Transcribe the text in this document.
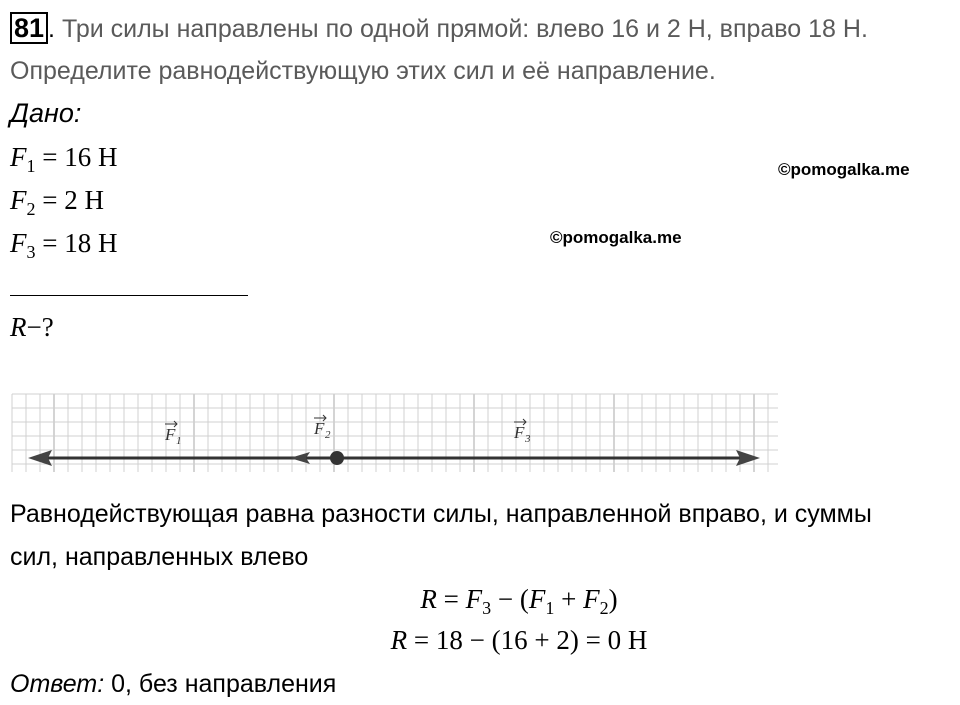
81 . Три силы направлены по одной прямой: влево 16 и 2 Н, вправо 18 Н.
Определите равнодействующую этих сил и её направление.
Дано:
$F_1 = 16$ Н
$F_2 = 2$ Н
$F_3 = 18$ Н
R−?
©pomogalka.me
©pomogalka.me
F 1
F 2	F 3
Равнодействующая равна разности силы, направленной вправо, и суммы
сил, направленных влево
$R = F_3 - (F_1 + F_2)$
R = 18 − (16 + 2) = 0 Н
Ответ: 0, без направления
